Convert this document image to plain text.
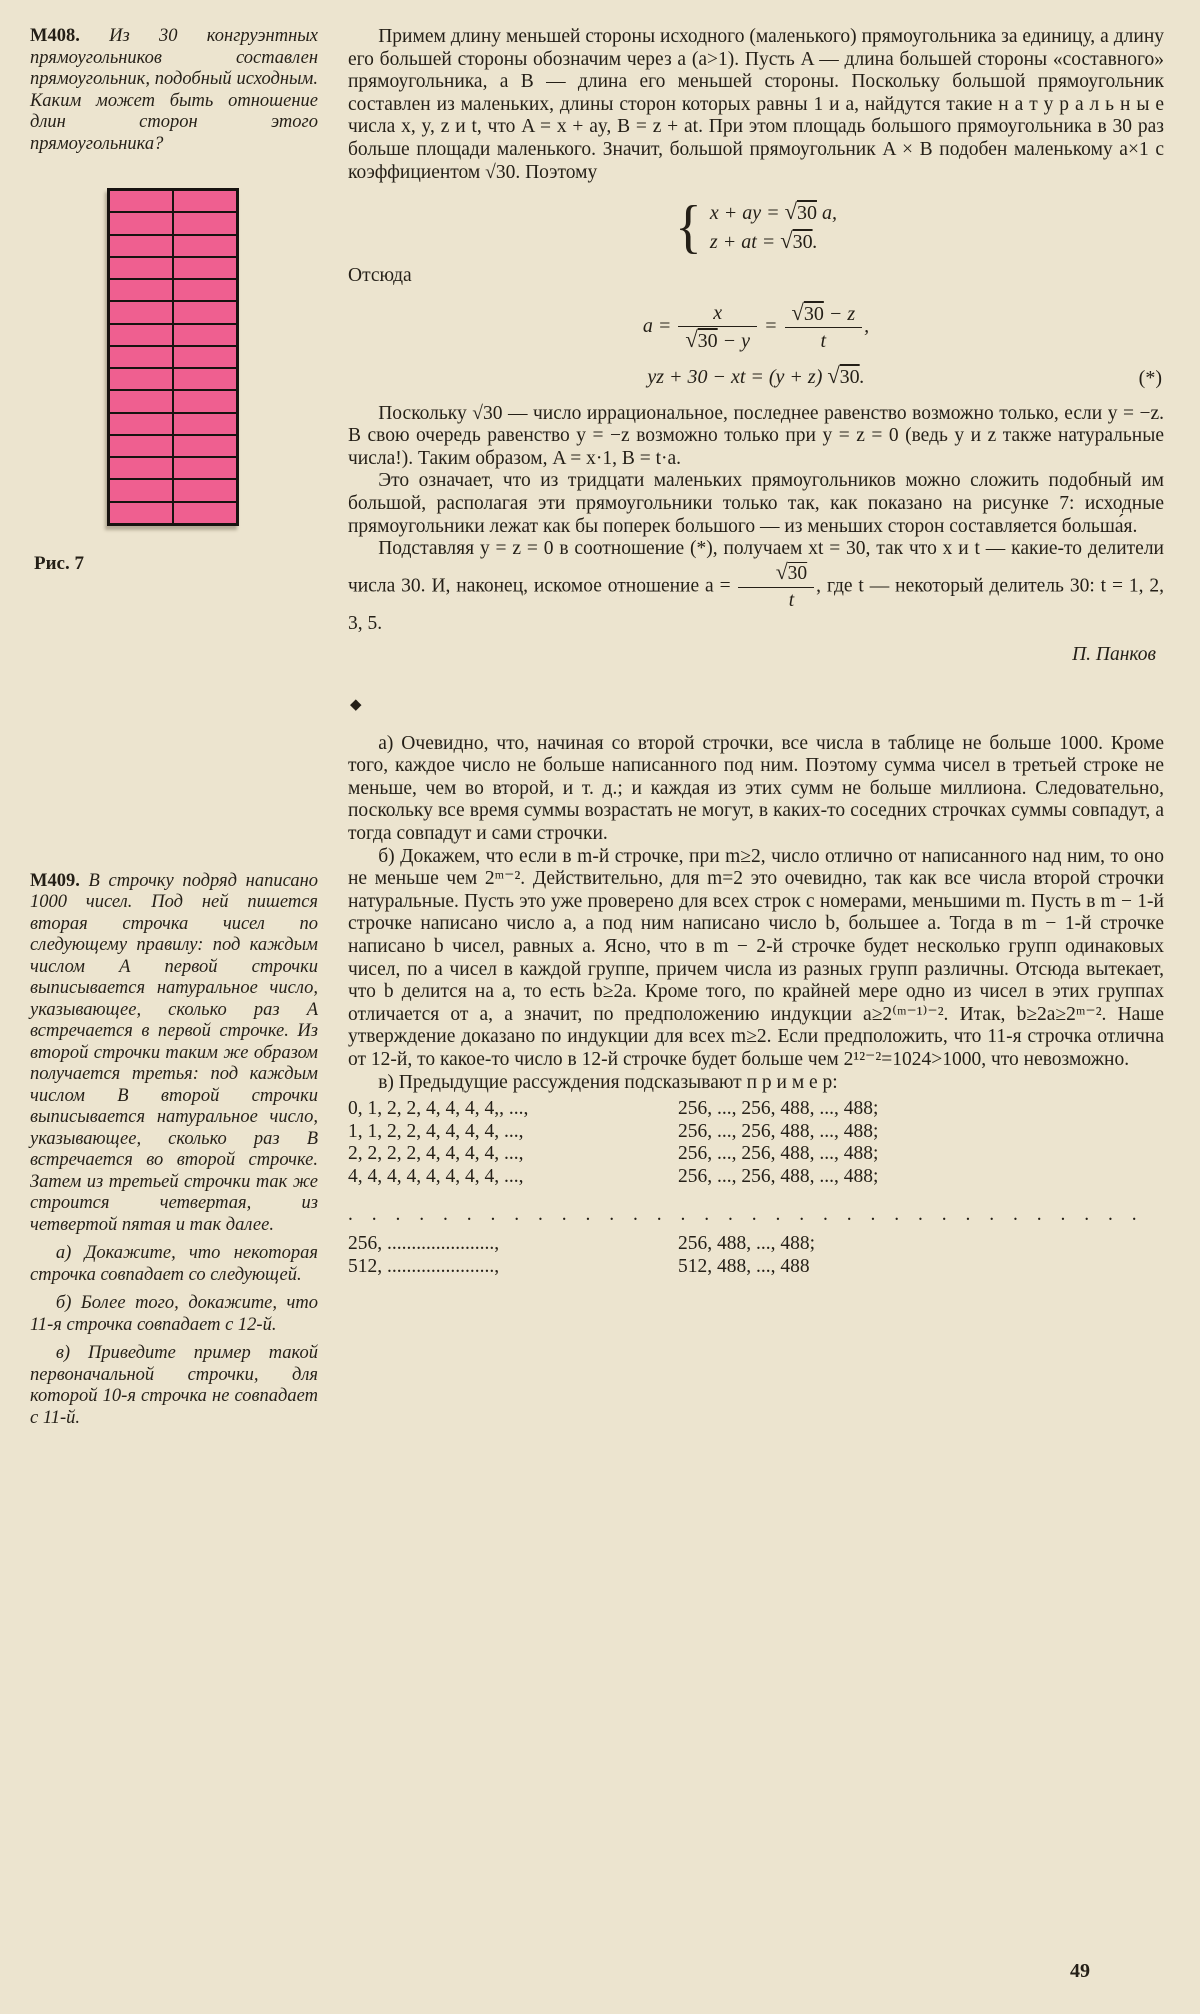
М408. Из 30 конгруэнтных прямоугольников составлен прямоугольник, подобный исходным. Каким может быть отношение длин сторон этого прямоугольника?

Рис. 7

М409. В строчку подряд написано 1000 чисел. Под ней пишется вторая строчка чисел по следующему правилу: под каждым числом А первой строчки выписывается натуральное число, указывающее, сколько раз А встречается в первой строчке. Из второй строчки таким же образом получается третья: под каждым числом В второй строчки выписывается натуральное число, указывающее, сколько раз В встречается во второй строчке. Затем из третьей строчки так же строится четвертая, из четвертой пятая и так далее.

а) Докажите, что некоторая строчка совпадает со следующей.

б) Более того, докажите, что 11-я строчка совпадает с 12-й.

в) Приведите пример такой первоначальной строчки, для которой 10-я строчка не совпадает с 11-й.

Примем длину меньшей стороны исходного (маленького) прямоугольника за единицу, а длину его большей стороны обозначим через a (a>1). Пусть A — длина большей стороны «составного» прямоугольника, а B — длина его меньшей стороны. Поскольку большой прямоугольник составлен из маленьких, длины сторон которых равны 1 и a, найдутся такие н а т у р а л ь н ы е числа x, y, z и t, что A = x + ay, B = z + at. При этом площадь большого прямоугольника в 30 раз больше площади маленького. Значит, большой прямоугольник A × B подобен маленькому a×1 с коэффициентом √30. Поэтому

{ x + ay = √30 a,
z + at = √30.

Отсюда

$a = \frac{x}{√30 - y} = \frac{√30 - z}{t}$ ,
yz + 30 − xt = (y + z) √30.	(*)

Поскольку √30 — число иррациональное, последнее равенство возможно только, если y = −z. В свою очередь равенство y = −z возможно только при y = z = 0 (ведь y и z также натуральные числа!). Таким образом, A = x·1, B = t·a.

Это означает, что из тридцати маленьких прямоугольников можно сложить подобный им большой, располагая эти прямоугольники только так, как показано на рисунке 7: исходные прямоугольники лежат как бы поперек большого — из меньших сторон составляется больша́я.

Подставляя y = z = 0 в соотношение (*), получаем xt = 30, так что x и t — какие-то делители числа 30. И, наконец, искомое отношение $a = \frac{√30}{t}$ , где t — некоторый делитель 30: t = 1, 2, 3, 5.

П. Панков

◆

а) Очевидно, что, начиная со второй строчки, все числа в таблице не больше 1000. Кроме того, каждое число не больше написанного под ним. Поэтому сумма чисел в третьей строке не меньше, чем во второй, и т. д.; и каждая из этих сумм не больше миллиона. Следовательно, поскольку все время суммы возрастать не могут, в каких-то соседних строчках суммы совпадут, а тогда совпадут и сами строчки.

б) Докажем, что если в m-й строчке, при m≥2, число отлично от написанного над ним, то оно не меньше чем 2ᵐ⁻². Действительно, для m=2 это очевидно, так как все числа второй строчки натуральные. Пусть это уже проверено для всех строк с номерами, меньшими m. Пусть в m − 1-й строчке написано число a, а под ним написано число b, большее a. Тогда в m − 1-й строчке написано b чисел, равных a. Ясно, что в m − 2-й строчке будет несколько групп одинаковых чисел, по a чисел в каждой группе, причем числа из разных групп различны. Отсюда вытекает, что b делится на a, то есть b≥2a. Кроме того, по крайней мере одно из чисел в этих группах отличается от a, а значит, по предположению индукции a≥2⁽ᵐ⁻¹⁾⁻². Итак, b≥2a≥2ᵐ⁻². Наше утверждение доказано по индукции для всех m≥2. Если предположить, что 11-я строчка отлична от 12-й, то какое-то число в 12-й строчке будет больше чем 2¹²⁻²=1024>1000, что невозможно.

в) Предыдущие рассуждения подсказывают п р и м е р:

0, 1, 2, 2, 4, 4, 4, 4,, ...,	256, ..., 256, 488, ..., 488;
1, 1, 2, 2, 4, 4, 4, 4, ...,	256, ..., 256, 488, ..., 488;
2, 2, 2, 2, 4, 4, 4, 4, ...,	256, ..., 256, 488, ..., 488;
4, 4, 4, 4, 4, 4, 4, 4, ...,	256, ..., 256, 488, ..., 488;
. . . . . . . . . . . . . . . . . . . . . . . . . . . . . . . . . .
256, ......................,	256, 488, ..., 488;
512, ......................,	512, 488, ..., 488
49
